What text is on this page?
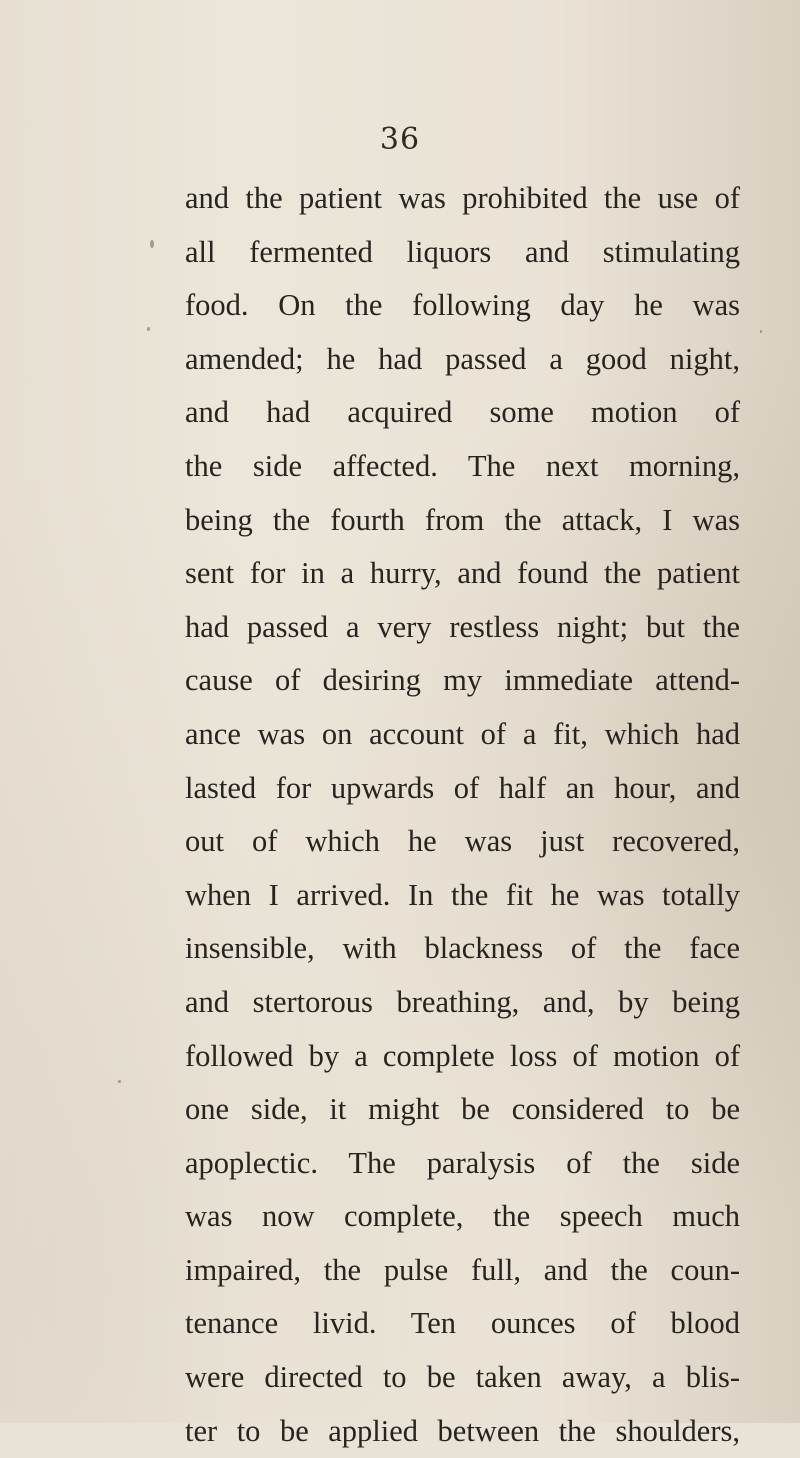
36
and the patient was prohibited the use of
all fermented liquors and stimulating
food. On the following day he was
amended; he had passed a good night,
and had acquired some motion of
the side affected. The next morning,
being the fourth from the attack, I was
sent for in a hurry, and found the patient
had passed a very restless night; but the
cause of desiring my immediate attend-
ance was on account of a fit, which had
lasted for upwards of half an hour, and
out of which he was just recovered,
when I arrived. In the fit he was totally
insensible, with blackness of the face
and stertorous breathing, and, by being
followed by a complete loss of motion of
one side, it might be considered to be
apoplectic. The paralysis of the side
was now complete, the speech much
impaired, the pulse full, and the coun-
tenance livid. Ten ounces of blood
were directed to be taken away, a blis-
ter to be applied between the shoulders,
